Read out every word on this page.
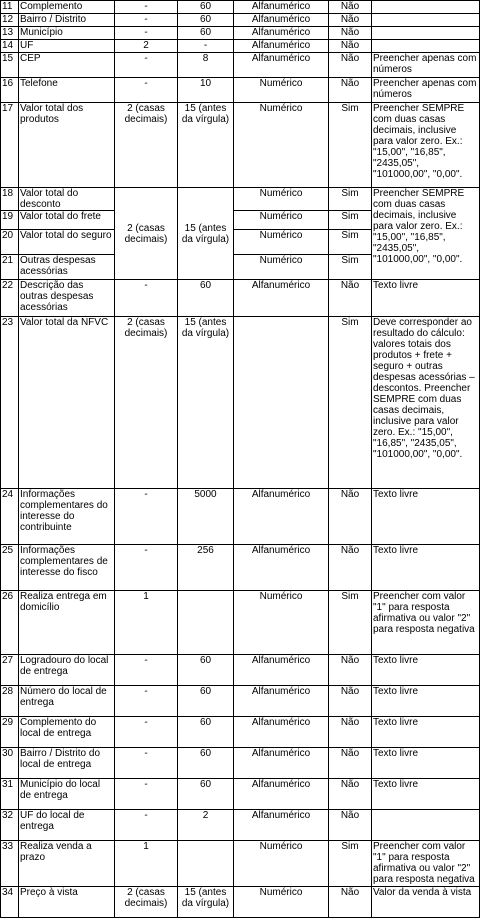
11	Complemento	-	60	Alfanumérico	Não	
12	Bairro / Distrito	-	60	Alfanumérico	Não	
13	Município	-	60	Alfanumérico	Não	
14	UF	2	-	Alfanumérico	Não	
15	CEP	-	8	Alfanumérico	Não	Preencher apenas com números
16	Telefone	-	10	Numérico	Não	Preencher apenas com números
17	Valor total dos produtos	2 (casas decimais)	15 (antes da vírgula)	Numérico	Sim	Preencher SEMPRE com duas casas decimais, inclusive para valor zero. Ex.: "15,00", "16,85", "2435,05", "101000,00", "0,00".
18	Valor total do desconto	2 (casas decimais)	15 (antes da vírgula)	Numérico	Sim	Preencher SEMPRE com duas casas decimais, inclusive para valor zero. Ex.: "15,00", "16,85", "2435,05", "101000,00", "0,00".
19	Valor total do frete			Numérico	Sim	
20	Valor total do seguro			Numérico	Sim	
21	Outras despesas acessórias			Numérico	Sim	
22	Descrição das outras despesas acessórias	-	60	Alfanumérico	Não	Texto livre
23	Valor total da NFVC	2 (casas decimais)	15 (antes da vírgula)		Sim	Deve corresponder ao resultado do cálculo: valores totais dos produtos + frete + seguro + outras despesas acessórias – descontos. Preencher SEMPRE com duas casas decimais, inclusive para valor zero. Ex.: "15,00", "16,85", "2435,05", "101000,00", "0,00".
24	Informações complementares do interesse do contribuinte	-	5000	Alfanumérico	Não	Texto livre
25	Informações complementares de interesse do fisco	-	256	Alfanumérico	Não	Texto livre
26	Realiza entrega em domicílio	1		Numérico	Sim	Preencher com valor "1" para resposta afirmativa ou valor "2" para resposta negativa
27	Logradouro do local de entrega	-	60	Alfanumérico	Não	Texto livre
28	Número do local de entrega	-	60	Alfanumérico	Não	Texto livre
29	Complemento do local de entrega	-	60	Alfanumérico	Não	Texto livre
30	Bairro / Distrito do local de entrega	-	60	Alfanumérico	Não	Texto livre
31	Município do local de entrega	-	60	Alfanumérico	Não	Texto livre
32	UF do local de entrega	-	2	Alfanumérico	Não	
33	Realiza venda a prazo	1		Numérico	Sim	Preencher com valor "1" para resposta afirmativa ou valor "2" para resposta negativa
34	Preço à vista	2 (casas decimais)	15 (antes da vírgula)	Numérico	Não	Valor da venda à vista
